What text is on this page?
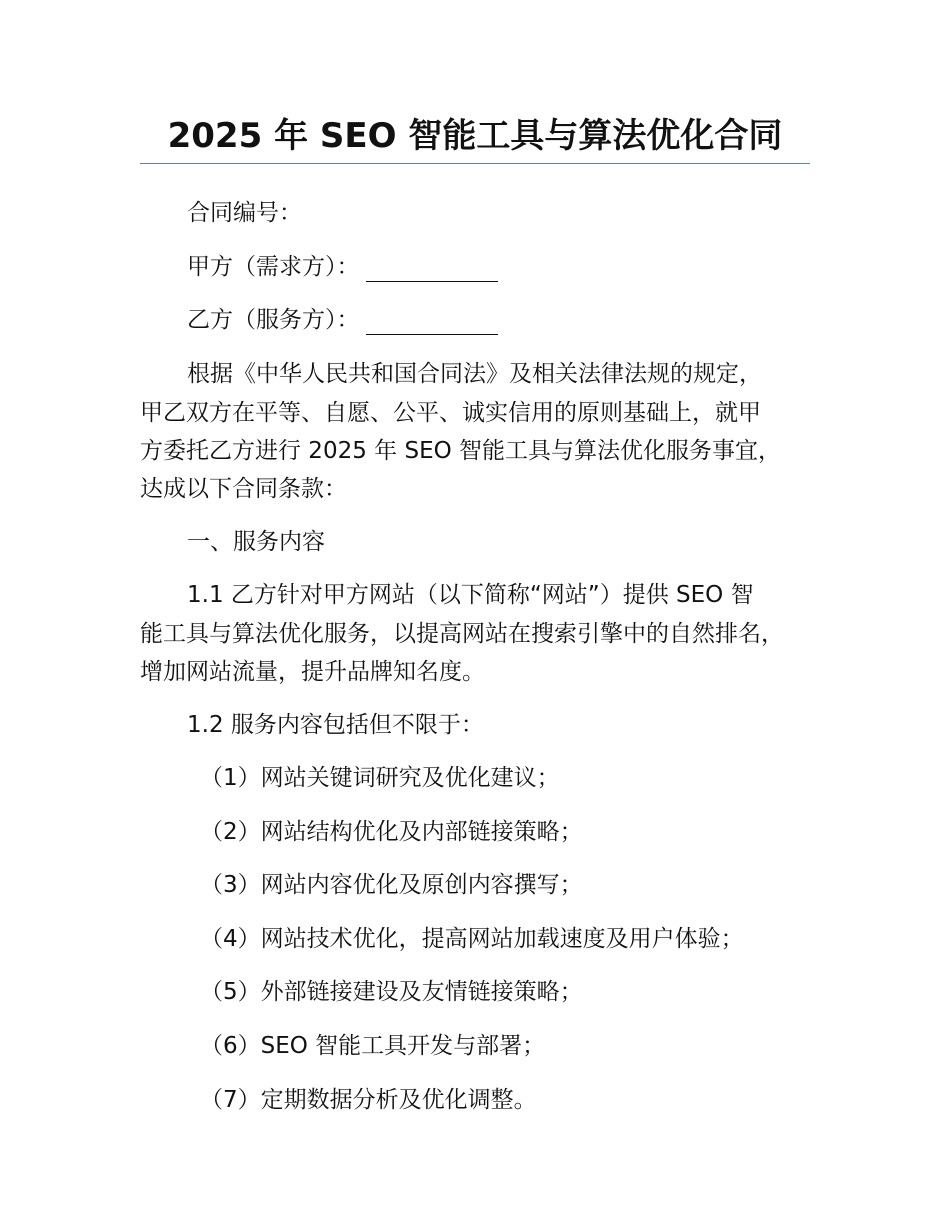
2025 年 SEO 智能工具与算法优化合同
合同编号：
甲方（需求方）：
乙方（服务方）：
根据《中华人民共和国合同法》及相关法律法规的规定，
甲乙双方在平等、自愿、公平、诚实信用的原则基础上，就甲
方委托乙方进行 2025 年 SEO 智能工具与算法优化服务事宜，
达成以下合同条款：
一、服务内容
1.1 乙方针对甲方网站（以下简称“网站”）提供 SEO 智
能工具与算法优化服务，以提高网站在搜索引擎中的自然排名，
增加网站流量，提升品牌知名度。
1.2 服务内容包括但不限于：
（1）网站关键词研究及优化建议；
（2）网站结构优化及内部链接策略；
（3）网站内容优化及原创内容撰写；
（4）网站技术优化，提高网站加载速度及用户体验；
（5）外部链接建设及友情链接策略；
（6）SEO 智能工具开发与部署；
（7）定期数据分析及优化调整。
